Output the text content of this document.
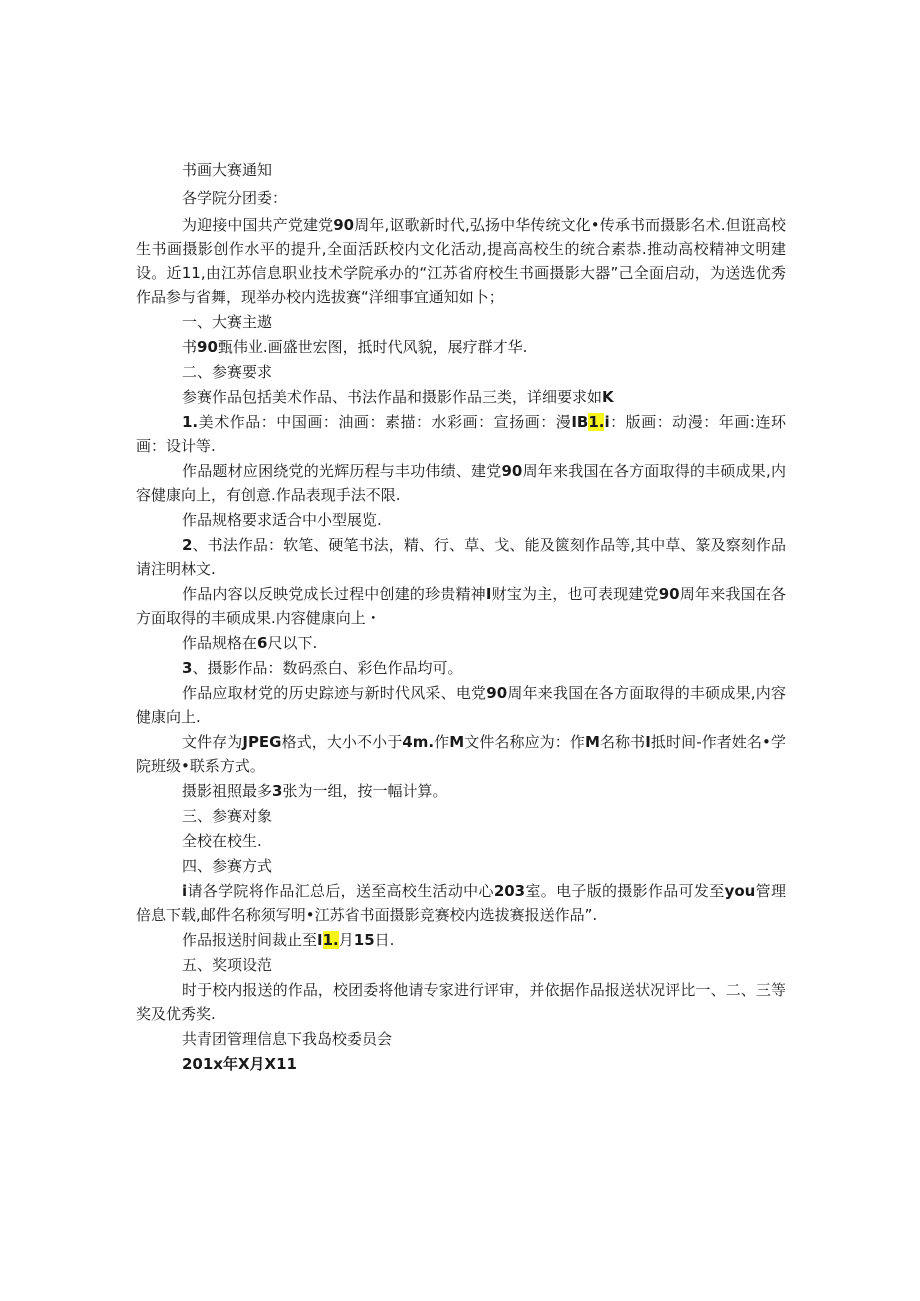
书画大赛通知

各学院分团委：

为迎接中国共产党建党90周年,讴歌新时代,弘扬中华传统文化•传承书而摄影名术.但诳高校生书画摄影创作水平的提升,全面活跃校内文化活动,提高高校生的统合素恭.推动高校精神文明建设。近11,由江苏信息职业技术学院承办的“江苏省府校生书画摄影大器”己全面启动，为送选优秀作品参与省舞，现举办校内选拔赛“洋细事宜通知如卜；

一、大赛主遨

书90甄伟业.画盛世宏图，抵时代风貌，展疗群才华.

二、参赛要求

参赛作品包括美术作品、书法作晶和摄影作品三类，详细要求如K

1.美术作品：中国画：油画：素描：水彩画：宣扬画：漫IB1.i：版画：动漫：年画:连环画：设计等.

作品题材应困绕党的光辉历程与丰功伟绩、建党90周年来我国在各方面取得的丰硕成果,内容健康向上，有创意.作品表现手法不限.

作品规格要求适合中小型展览.

2、书法作品：软笔、硬笔书法，精、行、草、戈、能及篋刻作品等,其中草、篆及察刻作品请注明林文.

作品内容以反映党成长过程中创建的珍贵精神I财宝为主，也可表现建党90周年来我国在各方面取得的丰硕成果.内容健康向上・

作品规格在6尺以下.

3、摄影作品：数码烝白、彩色作品均可。

作品应取材党的历史踪迹与新时代风采、电党90周年来我国在各方面取得的丰硕成果,内容健康向上.

文件存为JPEG格式，大小不小于4m.作M文件名称应为：作M名称书I抵时间-作者姓名•学院班级•联系方式。

摄影祖照最多3张为一组，按一幅计算。

三、参赛对象

全校在校生.

四、参赛方式

i请各学院将作品汇总后，送至高校生活动中心203室。电子版的摄影作品可发至you管理倍息下载,邮件名称须写明•江苏省书面摄影竞赛校内选拔赛报送作品”.

作品报送肘间裁止至I1.月15日.

五、奖项设范

时于校内报送的作品，校团委将他请专家进行评审，并依据作品报送状况评比一、二、三等奖及优秀奖.

共青团管理信息下我岛校委员会

201x年X月X11
